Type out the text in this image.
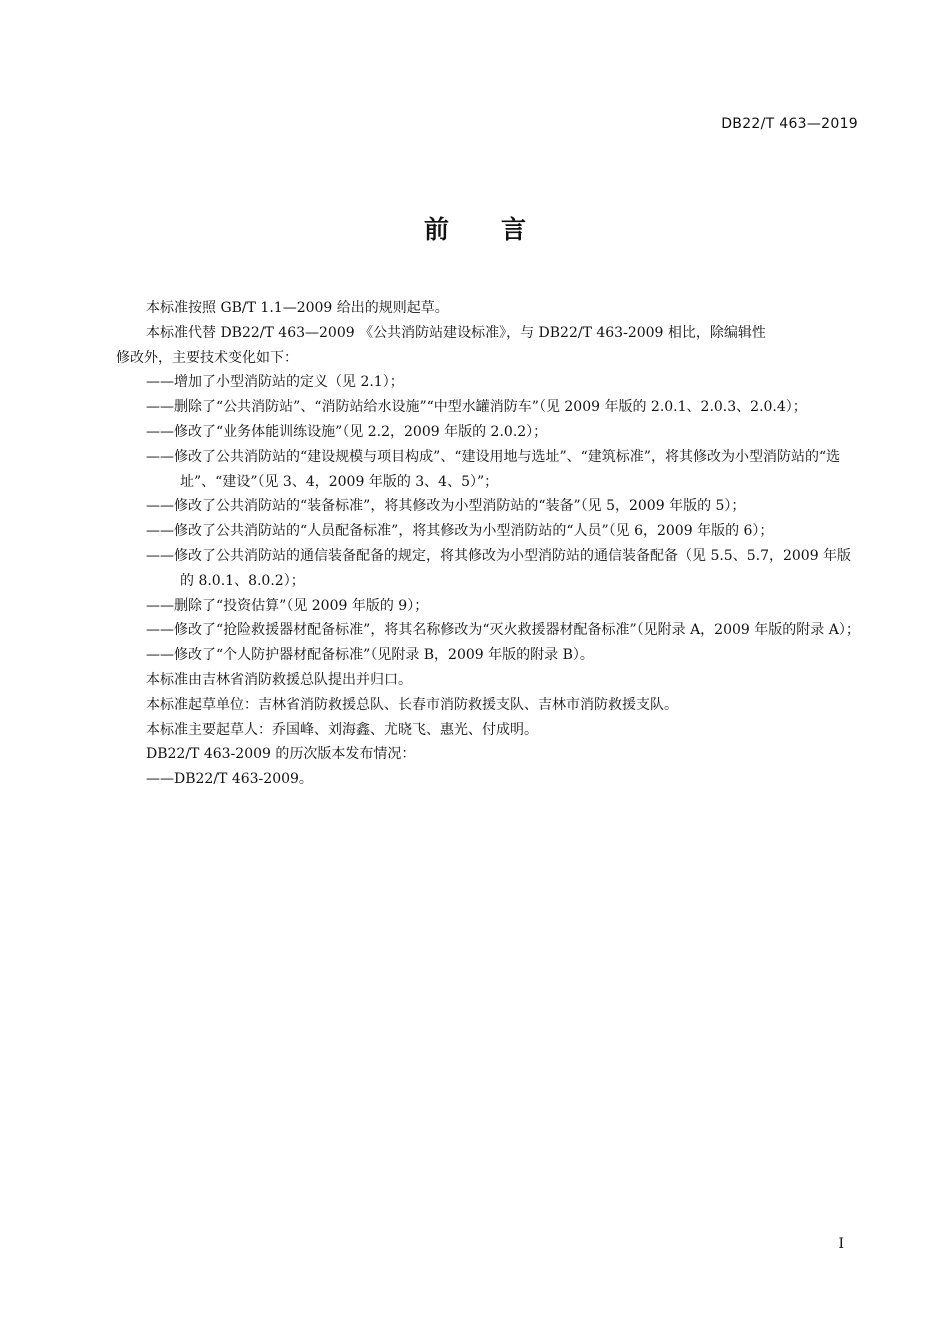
DB22/T 463—2019
前 言

本标准按照 GB/T 1.1—2009 给出的规则起草。

本标准代替 DB22/T 463—2009 《公共消防站建设标准》，与 DB22/T 463-2009 相比，除编辑性

修改外，主要技术变化如下：

——增加了小型消防站的定义（见 2.1）；

——删除了“公共消防站”、“消防站给水设施”“中型水罐消防车”（见 2009 年版的 2.0.1、2.0.3、2.0.4）；

——修改了“业务体能训练设施”（见 2.2，2009 年版的 2.0.2）；

——修改了公共消防站的“建设规模与项目构成”、“建设用地与选址”、“建筑标准”，将其修改为小型消防站的“选址”、“建设”（见 3、4，2009 年版的 3、4、5）”；

——修改了公共消防站的“装备标准”，将其修改为小型消防站的“装备”（见 5，2009 年版的 5）；

——修改了公共消防站的“人员配备标准”，将其修改为小型消防站的“人员”（见 6，2009 年版的 6）；

——修改了公共消防站的通信装备配备的规定，将其修改为小型消防站的通信装备配备（见 5.5、5.7，2009 年版的 8.0.1、8.0.2）；

——删除了“投资估算”（见 2009 年版的 9）；

——修改了“抢险救援器材配备标准”，将其名称修改为“灭火救援器材配备标准”（见附录 A，2009 年版的附录 A）；

——修改了“个人防护器材配备标准”（见附录 B，2009 年版的附录 B）。

本标准由吉林省消防救援总队提出并归口。

本标准起草单位：吉林省消防救援总队、长春市消防救援支队、吉林市消防救援支队。

本标准主要起草人：乔国峰、刘海鑫、尤晓飞、惠光、付成明。

DB22/T 463-2009 的历次版本发布情况：

——DB22/T 463-2009。

I
